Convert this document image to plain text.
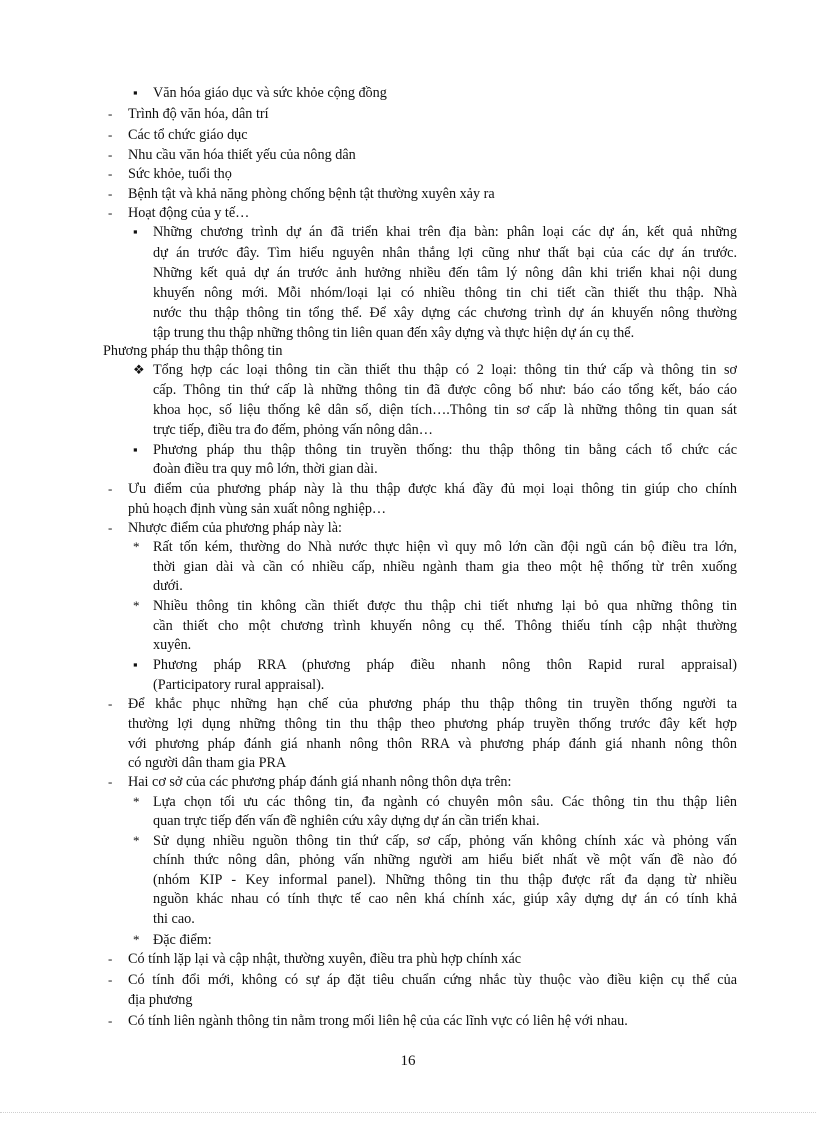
▪ Văn hóa giáo dục và sức khỏe cộng đồng
- Trình độ văn hóa, dân trí
- Các tổ chức giáo dục
- Nhu cầu văn hóa thiết yếu của nông dân
- Sức khỏe, tuổi thọ
- Bệnh tật và khả năng phòng chống bệnh tật thường xuyên xảy ra
- Hoạt động của y tế…
▪ Những chương trình dự án đã triển khai trên địa bàn: phân loại các dự án, kết quả những
dự án trước đây. Tìm hiểu nguyên nhân thắng lợi cũng như thất bại của các dự án trước.
Những kết quả dự án trước ảnh hưởng nhiều đến tâm lý nông dân khi triển khai nội dung
khuyến nông mới. Mỗi nhóm/loại lại có nhiều thông tin chi tiết cần thiết thu thập. Nhà
nước thu thập thông tin tổng thể. Để xây dựng các chương trình dự án khuyến nông thường
tập trung thu thập những thông tin liên quan đến xây dựng và thực hiện dự án cụ thể.
Phương pháp thu thập thông tin
❖ Tổng hợp các loại thông tin cần thiết thu thập có 2 loại: thông tin thứ cấp và thông tin sơ
cấp. Thông tin thứ cấp là những thông tin đã được công bố như: báo cáo tổng kết, báo cáo
khoa học, số liệu thống kê dân số, diện tích….Thông tin sơ cấp là những thông tin quan sát
trực tiếp, điều tra đo đếm, phỏng vấn nông dân…
▪ Phương pháp thu thập thông tin truyền thống: thu thập thông tin bằng cách tổ chức các
đoàn điều tra quy mô lớn, thời gian dài.
- Ưu điểm của phương pháp này là thu thập được khá đầy đủ mọi loại thông tin giúp cho chính
phủ hoạch định vùng sản xuất nông nghiệp…
- Nhược điểm của phương pháp này là:
* Rất tốn kém, thường do Nhà nước thực hiện vì quy mô lớn cần đội ngũ cán bộ điều tra lớn,
thời gian dài và cần có nhiều cấp, nhiều ngành tham gia theo một hệ thống từ trên xuống
dưới.
* Nhiều thông tin không cần thiết được thu thập chi tiết nhưng lại bỏ qua những thông tin
cần thiết cho một chương trình khuyến nông cụ thể. Thông thiếu tính cập nhật thường
xuyên.
▪ Phương pháp RRA (phương pháp điều nhanh nông thôn Rapid rural appraisal)
(Participatory rural appraisal).
- Để khắc phục những hạn chế của phương pháp thu thập thông tin truyền thống người ta
thường lợi dụng những thông tin thu thập theo phương pháp truyền thống trước đây kết hợp
với phương pháp đánh giá nhanh nông thôn RRA và phương pháp đánh giá nhanh nông thôn
có người dân tham gia PRA
- Hai cơ sở của các phương pháp đánh giá nhanh nông thôn dựa trên:
* Lựa chọn tối ưu các thông tin, đa ngành có chuyên môn sâu. Các thông tin thu thập liên
quan trực tiếp đến vấn đề nghiên cứu xây dựng dự án cần triển khai.
* Sử dụng nhiều nguồn thông tin thứ cấp, sơ cấp, phỏng vấn không chính xác và phỏng vấn
chính thức nông dân, phỏng vấn những người am hiểu biết nhất về một vấn đề nào đó
(nhóm KIP - Key informal panel). Những thông tin thu thập được rất đa dạng từ nhiều
nguồn khác nhau có tính thực tế cao nên khá chính xác, giúp xây dựng dự án có tính khả
thi cao.
* Đặc điểm:
- Có tính lặp lại và cập nhật, thường xuyên, điều tra phù hợp chính xác
- Có tính đổi mới, không có sự áp đặt tiêu chuẩn cứng nhắc tùy thuộc vào điều kiện cụ thể của
địa phương
- Có tính liên ngành thông tin nằm trong mối liên hệ của các lĩnh vực có liên hệ với nhau.
16
